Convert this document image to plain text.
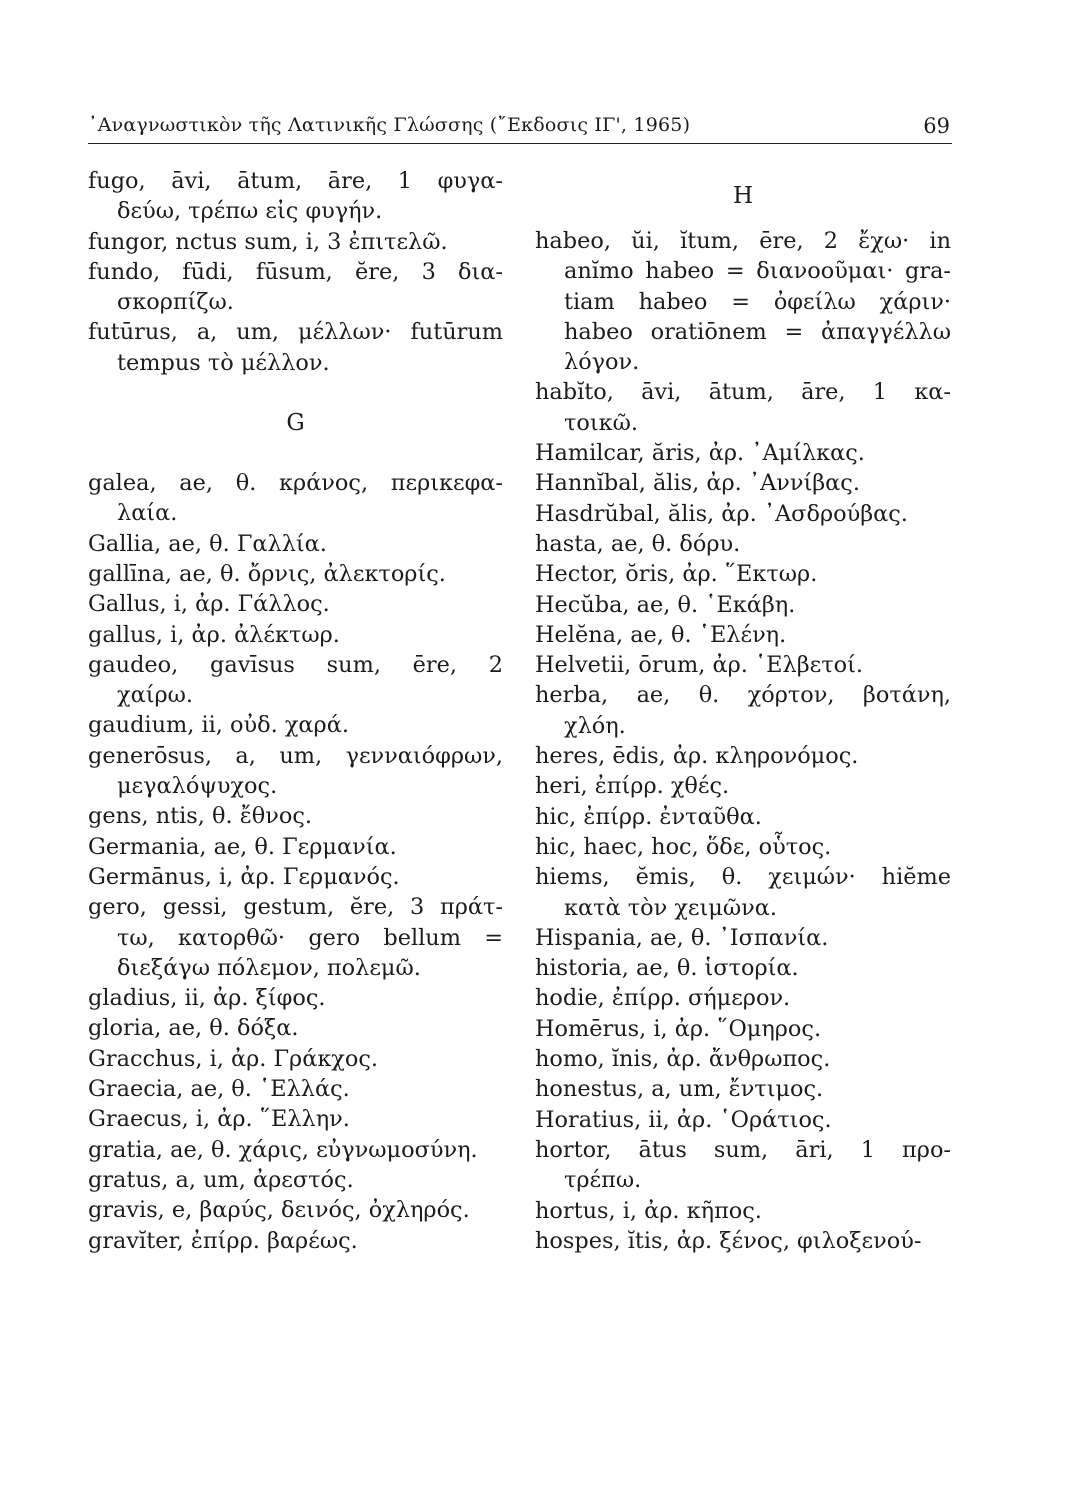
᾿Αναγνωστικὸν τῆς Λατινικῆς Γλώσσης (῎Εκδοσις ΙΓ', 1965)	69
fugo, āvi, ātum, āre, 1 φυγα-
δεύω, τρέπω εἰς φυγήν.
fungor, nctus sum, i, 3 ἐπιτελῶ.
fundo, fūdi, fūsum, ĕre, 3 δια-
σκορπίζω.
futūrus, a, um, μέλλων· futūrum
tempus τὸ μέλλον.
G
galea, ae, θ. κράνος, περικεφα-
λαία.
Gallia, ae, θ. Γαλλία.
gallīna, ae, θ. ὄρνις, ἀλεκτορίς.
Gallus, i, ἀρ. Γάλλος.
gallus, i, ἀρ. ἀλέκτωρ.
gaudeo, gavīsus sum, ēre, 2
χαίρω.
gaudium, ii, οὐδ. χαρά.
generōsus, a, um, γενναιόφρων,
μεγαλόψυχος.
gens, ntis, θ. ἔθνος.
Germania, ae, θ. Γερμανία.
Germānus, i, ἀρ. Γερμανός.
gero, gessi, gestum, ĕre, 3 πράτ-
τω, κατορθῶ· gero bellum =
διεξάγω πόλεμον, πολεμῶ.
gladius, ii, ἀρ. ξίφος.
gloria, ae, θ. δόξα.
Gracchus, i, ἀρ. Γράκχος.
Graecia, ae, θ. ῾Ελλάς.
Graecus, i, ἀρ. ῞Ελλην.
gratia, ae, θ. χάρις, εὐγνωμοσύνη.
gratus, a, um, ἀρεστός.
gravis, e, βαρύς, δεινός, ὀχληρός.
gravĭter, ἐπίρρ. βαρέως.
H
habeo, ŭi, ĭtum, ēre, 2 ἔχω· in
anĭmo habeo = διανοοῦμαι· gra-
tiam habeo = ὀφείλω χάριν·
habeo oratiōnem = ἀπαγγέλλω
λόγον.
habĭto, āvi, ātum, āre, 1 κα-
τοικῶ.
Hamilcar, ăris, ἀρ. ᾿Αμίλκας.
Hannĭbal, ălis, ἀρ. ᾿Αννίβας.
Hasdrŭbal, ălis, ἀρ. ᾿Ασδρούβας.
hasta, ae, θ. δόρυ.
Hector, ŏris, ἀρ. ῞Εκτωρ.
Hecŭba, ae, θ. ῾Εκάβη.
Helĕna, ae, θ. ῾Ελένη.
Helvetii, ōrum, ἀρ. ῾Ελβετοί.
herba, ae, θ. χόρτον, βοτάνη,
χλόη.
heres, ēdis, ἀρ. κληρονόμος.
heri, ἐπίρρ. χθές.
hic, ἐπίρρ. ἐνταῦθα.
hic, haec, hoc, ὅδε, οὗτος.
hiems, ĕmis, θ. χειμών· hiĕme
κατὰ τὸν χειμῶνα.
Hispania, ae, θ. ᾿Ισπανία.
historia, ae, θ. ἱστορία.
hodie, ἐπίρρ. σήμερον.
Homērus, i, ἀρ. ῞Ομηρος.
homo, ĭnis, ἀρ. ἄνθρωπος.
honestus, a, um, ἔντιμος.
Horatius, ii, ἀρ. ῾Οράτιος.
hortor, ātus sum, āri, 1 προ-
τρέπω.
hortus, i, ἀρ. κῆπος.
hospes, ĭtis, ἀρ. ξένος, φιλοξενού-
